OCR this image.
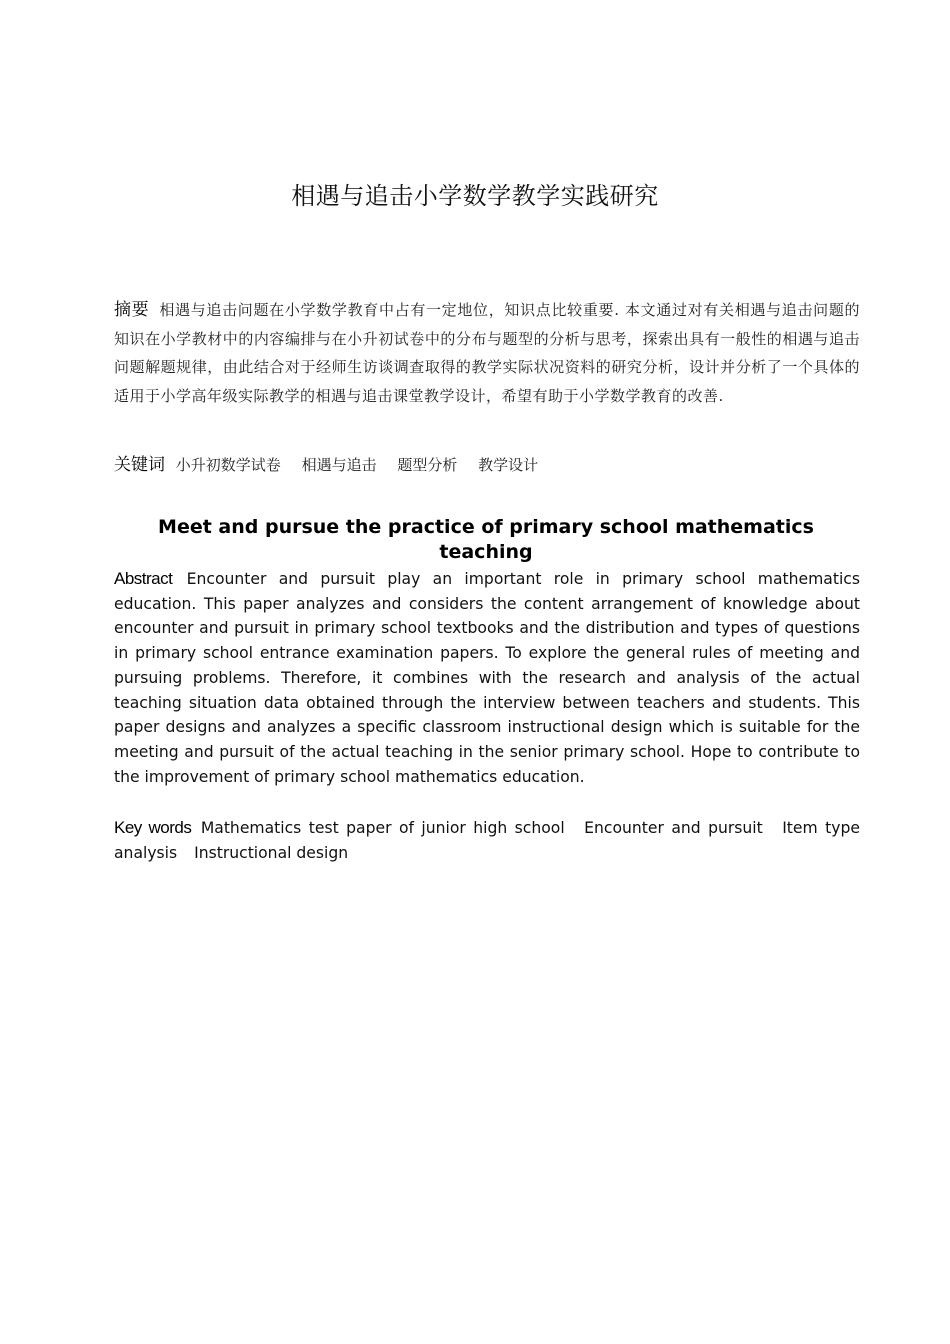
相遇与追击小学数学教学实践研究
摘要 相遇与追击问题在小学数学教育中占有一定地位，知识点比较重要. 本文通过对有关相遇与追击问题的知识在小学教材中的内容编排与在小升初试卷中的分布与题型的分析与思考，探索出具有一般性的相遇与追击问题解题规律，由此结合对于经师生访谈调查取得的教学实际状况资料的研究分析，设计并分析了一个具体的适用于小学高年级实际教学的相遇与追击课堂教学设计，希望有助于小学数学教育的改善.
关键词 小升初数学试卷 相遇与追击 题型分析 教学设计
Meet and pursue the practice of primary school mathematics teaching
Abstract Encounter and pursuit play an important role in primary school mathematics education. This paper analyzes and considers the content arrangement of knowledge about encounter and pursuit in primary school textbooks and the distribution and types of questions in primary school entrance examination papers. To explore the general rules of meeting and pursuing problems. Therefore, it combines with the research and analysis of the actual teaching situation data obtained through the interview between teachers and students. This paper designs and analyzes a specific classroom instructional design which is suitable for the meeting and pursuit of the actual teaching in the senior primary school. Hope to contribute to the improvement of primary school mathematics education.
Key words Mathematics test paper of junior high school Encounter and pursuit Item type analysis Instructional design
